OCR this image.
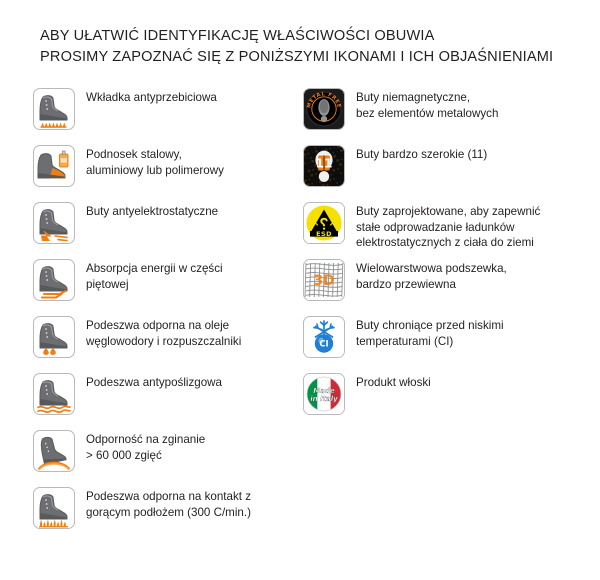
ABY UŁATWIĆ IDENTYFIKACJĘ WŁAŚCIWOŚCI OBUWIA
PROSIMY ZAPOZNAĆ SIĘ Z PONIŻSZYMI IKONAMI I ICH OBJAŚNIENIAMI
Wkładka antyprzebiciowa
Podnosek stalowy,
aluminiowy lub polimerowy
Buty antyelektrostatyczne
Absorpcja energii w części
piętowej
Podeszwa odporna na oleje
węglowodory i rozpuszczalniki
Podeszwa antypoślizgowa
Odporność na zginanie
> 60 000 zgięć
Podeszwa odporna na kontakt z
gorącym podłożem (300 C/min.)
METAL FREE
Buty niemagnetyczne,
bez elementów metalowych
11
Buty bardzo szerokie (11)
ESD
Buty zaprojektowane, aby zapewnić
stałe odprowadzanie ładunków
elektrostatycznych z ciała do ziemi
3D
Wielowarstwowa podszewka,
bardzo przewiewna
CI
Buty chroniące przed niskimi
temperaturami (CI)
Made
in Italy
Produkt włoski
